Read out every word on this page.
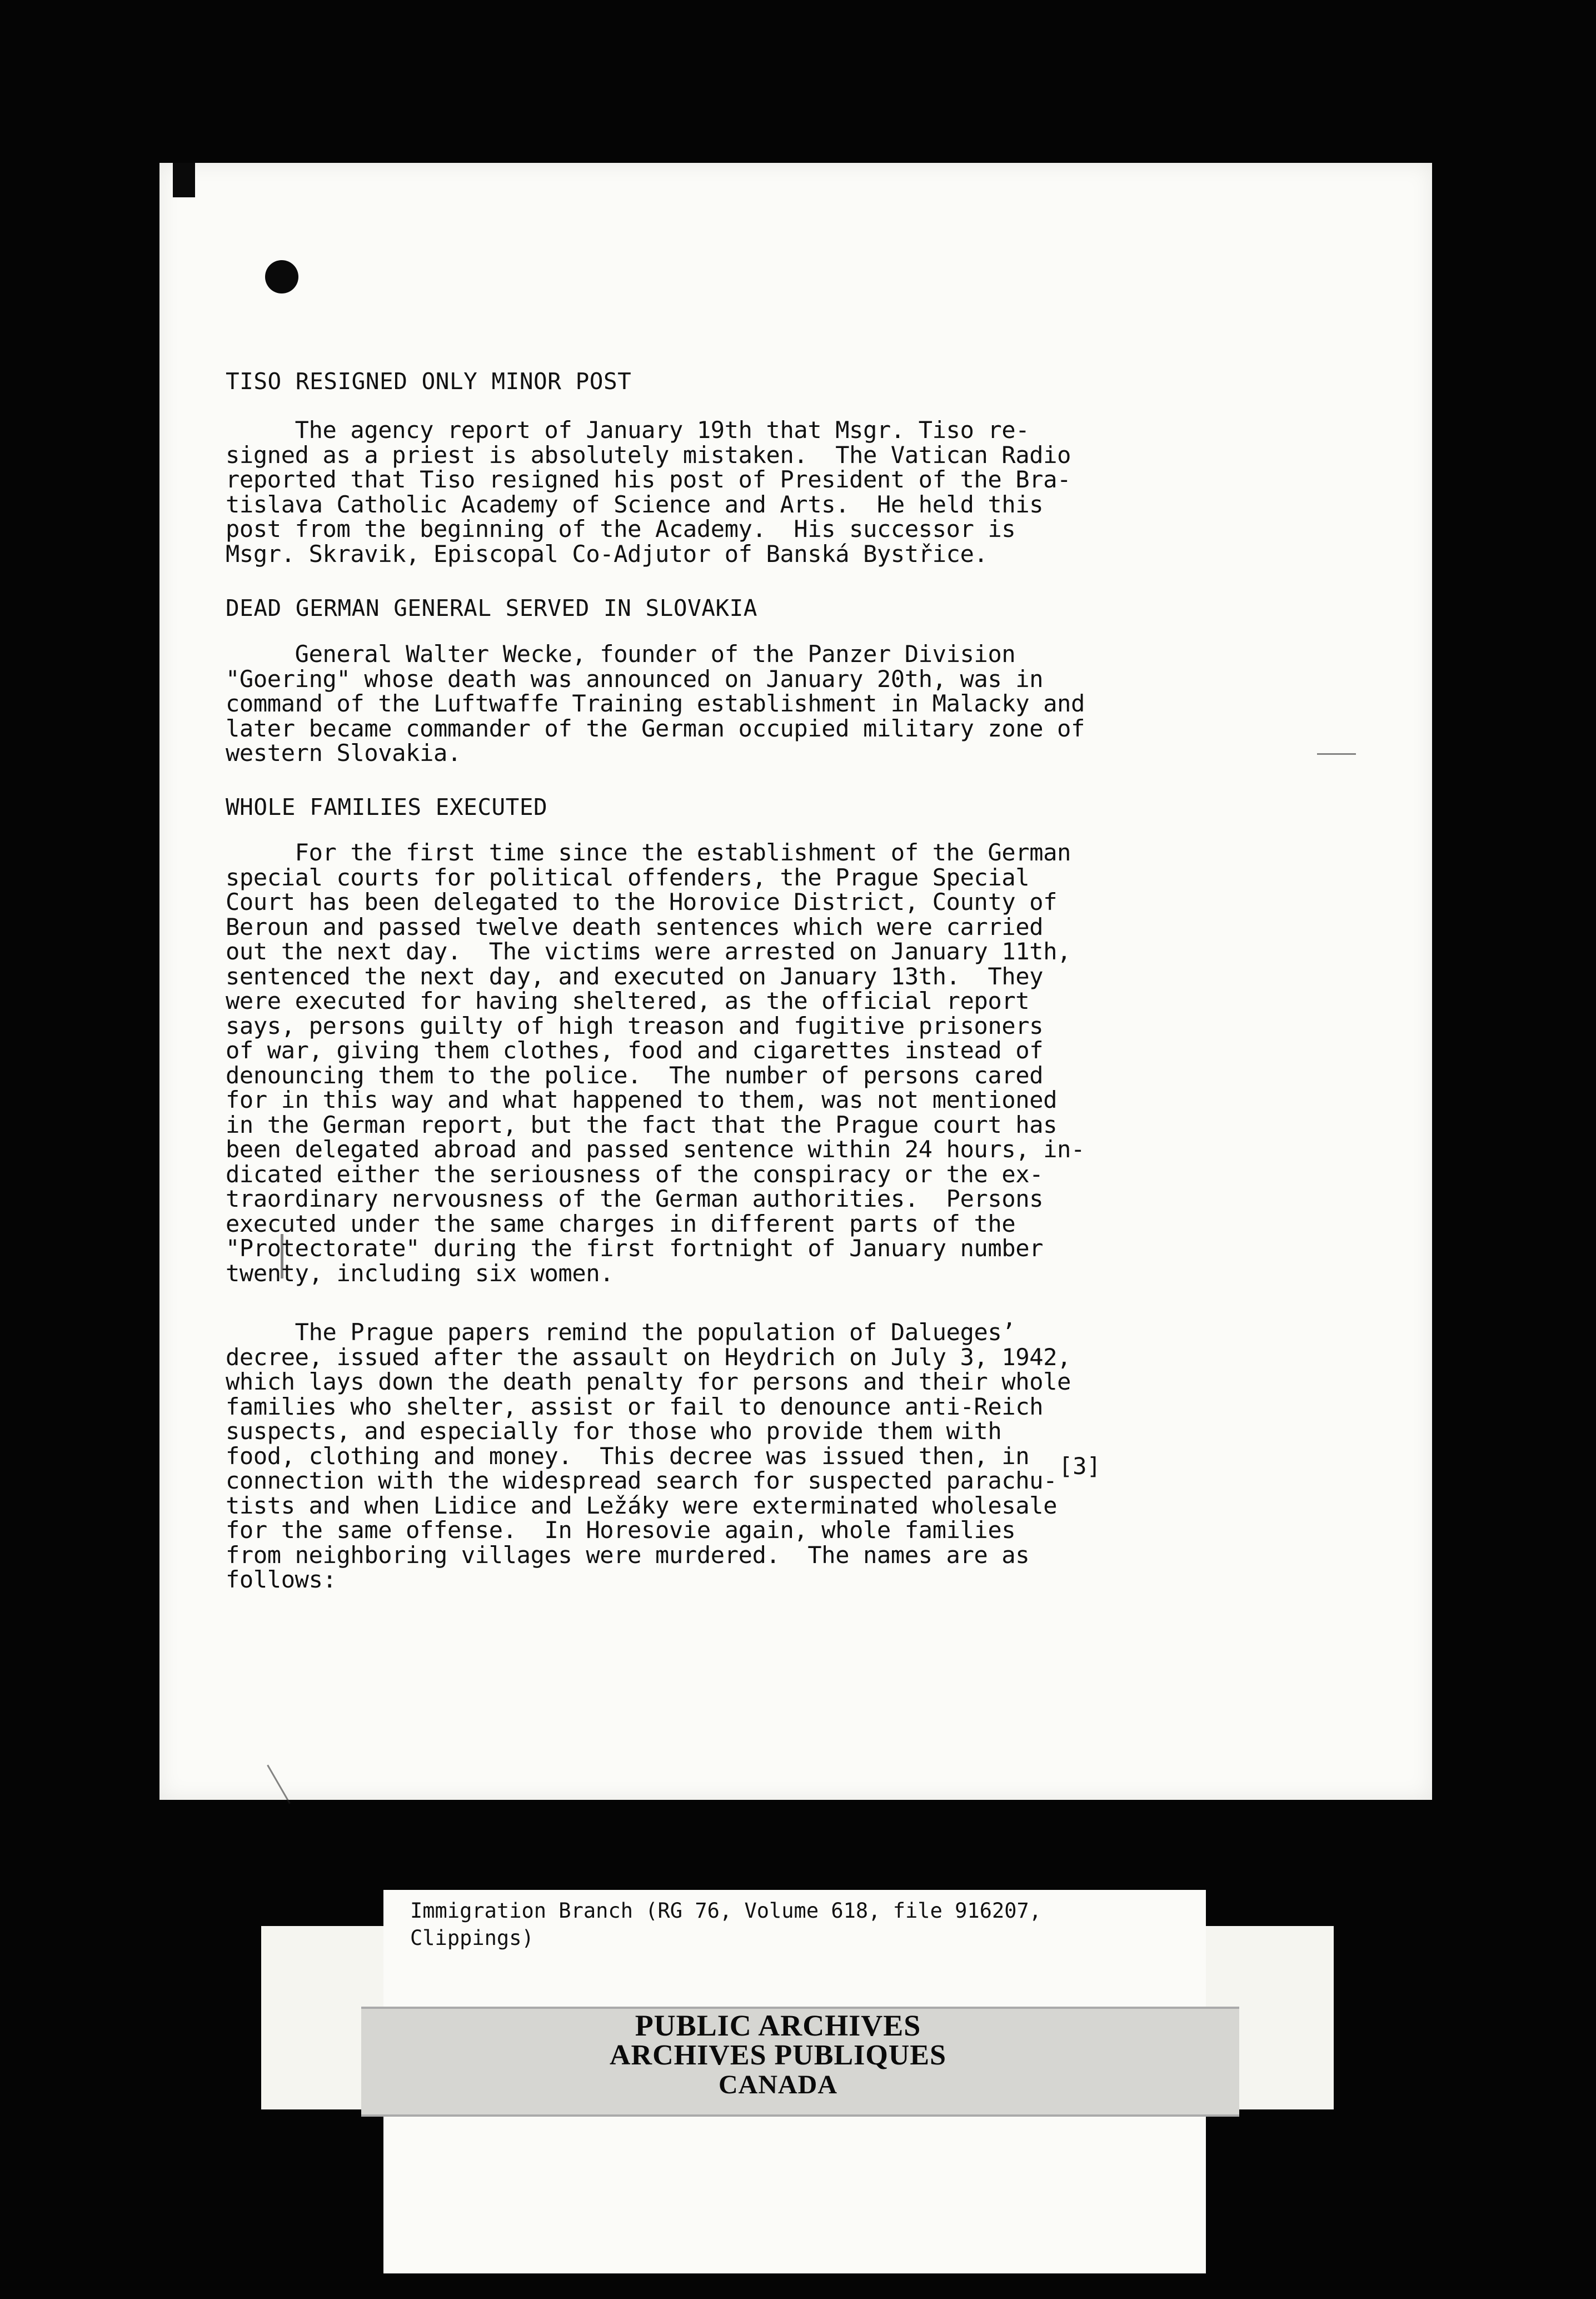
TISO RESIGNED ONLY MINOR POST
The agency report of January 19th that Msgr. Tiso re-
signed as a priest is absolutely mistaken.  The Vatican Radio
reported that Tiso resigned his post of President of the Bra-
tislava Catholic Academy of Science and Arts.  He held this
post from the beginning of the Academy.  His successor is
Msgr. Skravik, Episcopal Co-Adjutor of Banská Bystřice.
DEAD GERMAN GENERAL SERVED IN SLOVAKIA
General Walter Wecke, founder of the Panzer Division
"Goering" whose death was announced on January 20th, was in
command of the Luftwaffe Training establishment in Malacky and
later became commander of the German occupied military zone of
western Slovakia.
WHOLE FAMILIES EXECUTED
For the first time since the establishment of the German
special courts for political offenders, the Prague Special
Court has been delegated to the Horovice District, County of
Beroun and passed twelve death sentences which were carried
out the next day.  The victims were arrested on January 11th,
sentenced the next day, and executed on January 13th.  They
were executed for having sheltered, as the official report
says, persons guilty of high treason and fugitive prisoners
of war, giving them clothes, food and cigarettes instead of
denouncing them to the police.  The number of persons cared
for in this way and what happened to them, was not mentioned
in the German report, but the fact that the Prague court has
been delegated abroad and passed sentence within 24 hours, in-
dicated either the seriousness of the conspiracy or the ex-
traordinary nervousness of the German authorities.  Persons
executed under the same charges in different parts of the
"Protectorate" during the first fortnight of January number
twenty, including six women.
The Prague papers remind the population of Daluegesʼ
decree, issued after the assault on Heydrich on July 3, 1942,
which lays down the death penalty for persons and their whole
families who shelter, assist or fail to denounce anti-Reich
suspects, and especially for those who provide them with
food, clothing and money.  This decree was issued then, in
connection with the widespread search for suspected parachu-
tists and when Lidice and Ležáky were exterminated wholesale
for the same offense.  In Horesovie again, whole families
from neighboring villages were murdered.  The names are as
follows:
[3]
Immigration Branch (RG 76, Volume 618, file 916207,
Clippings)
PUBLIC ARCHIVES
ARCHIVES PUBLIQUES
CANADA
